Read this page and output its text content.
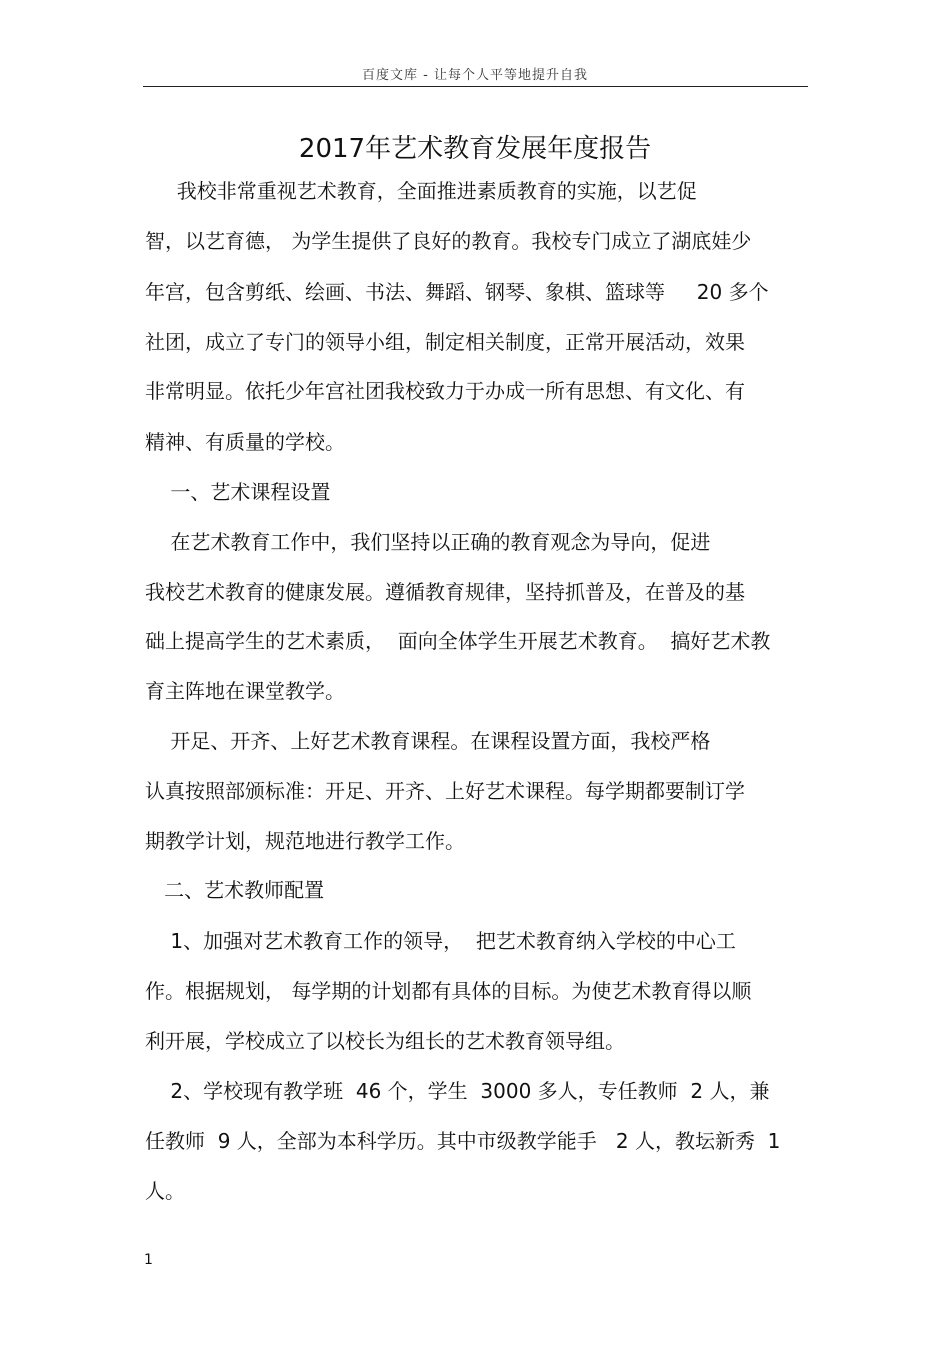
百度文库 - 让每个人平等地提升自我
2017年艺术教育发展年度报告
我校非常重视艺术教育，全面推进素质教育的实施，以艺促
智，以艺育德， 为学生提供了良好的教育。我校专门成立了湖底娃少
年宫，包含剪纸、绘画、书法、舞蹈、钢琴、象棋、篮球等     20 多个
社团，成立了专门的领导小组，制定相关制度，正常开展活动，效果
非常明显。依托少年宫社团我校致力于办成一所有思想、有文化、有
精神、有质量的学校。
一、艺术课程设置
在艺术教育工作中，我们坚持以正确的教育观念为导向，促进
我校艺术教育的健康发展。遵循教育规律，坚持抓普及，在普及的基
础上提高学生的艺术素质，  面向全体学生开展艺术教育。  搞好艺术教
育主阵地在课堂教学。
开足、开齐、上好艺术教育课程。在课程设置方面，我校严格
认真按照部颁标准：开足、开齐、上好艺术课程。每学期都要制订学
期教学计划，规范地进行教学工作。
二、艺术教师配置
1、加强对艺术教育工作的领导，  把艺术教育纳入学校的中心工
作。根据规划， 每学期的计划都有具体的目标。为使艺术教育得以顺
利开展，学校成立了以校长为组长的艺术教育领导组。
2、学校现有教学班  46 个，学生  3000 多人，专任教师  2 人，兼
任教师  9 人，全部为本科学历。其中市级教学能手   2 人，教坛新秀  1
人。
1
